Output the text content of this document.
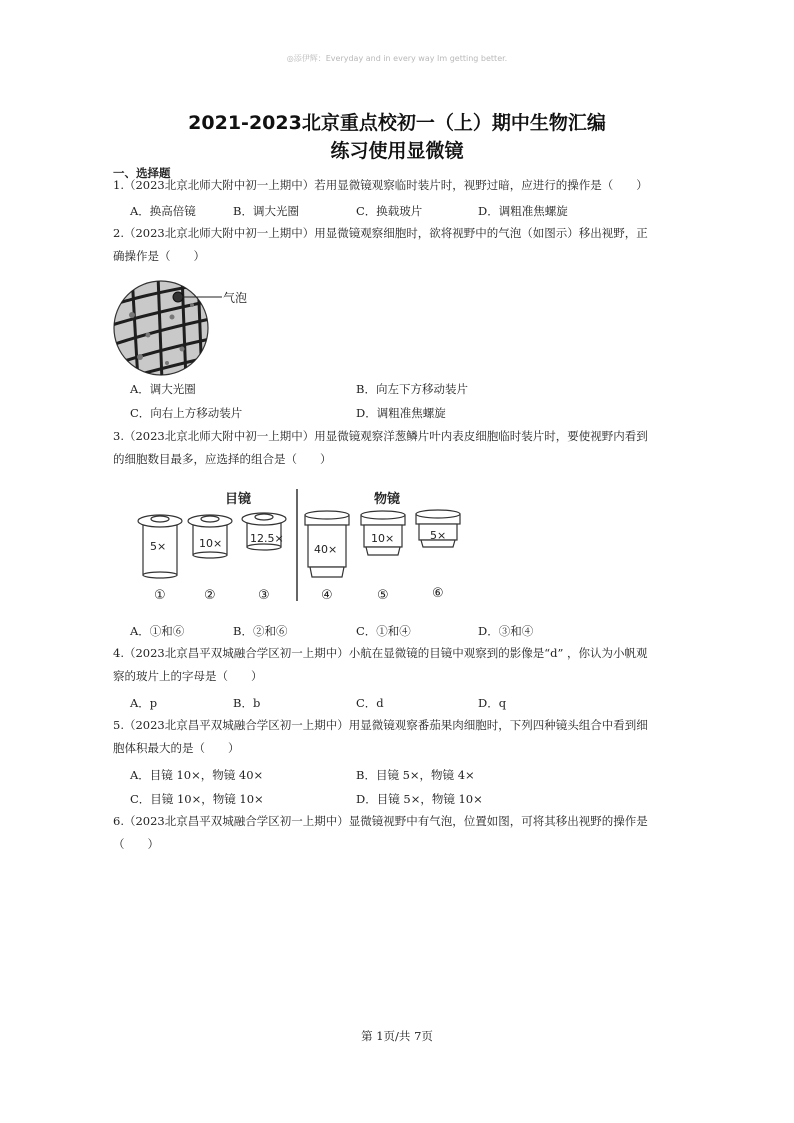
◎添伊辉：Everyday and in every way Im getting better.
2021-2023北京重点校初一（上）期中生物汇编
练习使用显微镜
一、选择题
1.（2023北京北师大附中初一上期中）若用显微镜观察临时装片时，视野过暗，应进行的操作是（　　）
A．换高倍镜	B．调大光圈	C．换载玻片	D．调粗准焦螺旋
2.（2023北京北师大附中初一上期中）用显微镜观察细胞时，欲将视野中的气泡（如图示）移出视野，正
确操作是（　　）
气泡
A．调大光圈	B．向左下方移动装片
C．向右上方移动装片	D．调粗准焦螺旋
3.（2023北京北师大附中初一上期中）用显微镜观察洋葱鳞片叶内表皮细胞临时装片时，要使视野内看到
的细胞数目最多，应选择的组合是（　　）
目镜	物镜
5×	10×	12.5×
40×
10×	5×
①	②	③	④	⑤	⑥
A．①和⑥	B．②和⑥	C．①和④	D．③和④
4.（2023北京昌平双城融合学区初一上期中）小航在显微镜的目镜中观察到的影像是“d” ，你认为小帆观
察的玻片上的字母是（　　）
A．p	B．b	C．d	D．q
5.（2023北京昌平双城融合学区初一上期中）用显微镜观察番茄果肉细胞时，下列四种镜头组合中看到细
胞体积最大的是（　　）
A．目镜 10×，物镜 40×	B．目镜 5×，物镜 4×
C．目镜 10×，物镜 10×	D．目镜 5×，物镜 10×
6.（2023北京昌平双城融合学区初一上期中）显微镜视野中有气泡，位置如图，可将其移出视野的操作是
（　　）
第 1页/共 7页
